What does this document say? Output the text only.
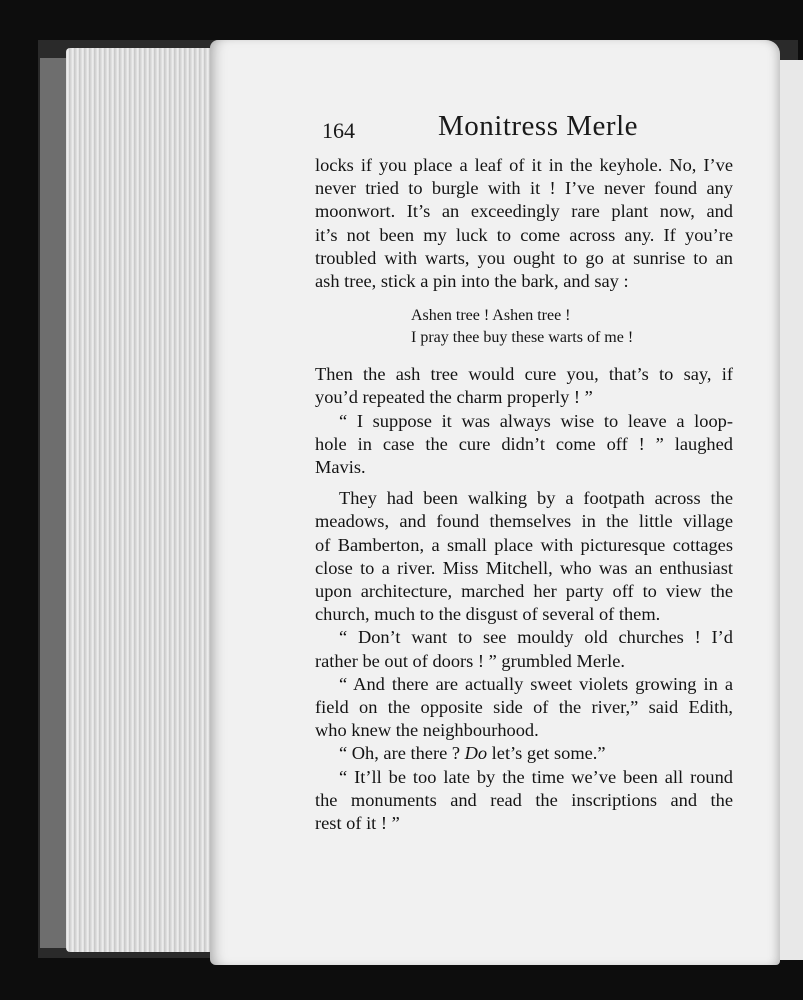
164	Monitress Merle
locks if you place a leaf of it in the keyhole. No, I’ve
never tried to burgle with it ! I’ve never found any
moonwort. It’s an exceedingly rare plant now, and
it’s not been my luck to come across any. If you’re
troubled with warts, you ought to go at sunrise to an
ash tree, stick a pin into the bark, and say :
Ashen tree ! Ashen tree !
I pray thee buy these warts of me !
Then the ash tree would cure you, that’s to say, if
you’d repeated the charm properly ! ”
“ I suppose it was always wise to leave a loop-
hole in case the cure didn’t come off ! ” laughed
Mavis.
They had been walking by a footpath across the
meadows, and found themselves in the little village
of Bamberton, a small place with picturesque cottages
close to a river. Miss Mitchell, who was an enthusiast
upon architecture, marched her party off to view the
church, much to the disgust of several of them.
“ Don’t want to see mouldy old churches ! I’d
rather be out of doors ! ” grumbled Merle.
“ And there are actually sweet violets growing in a
field on the opposite side of the river,” said Edith,
who knew the neighbourhood.
“ Oh, are there ? Do let’s get some.”
“ It’ll be too late by the time we’ve been all round
the monuments and read the inscriptions and the
rest of it ! ”
